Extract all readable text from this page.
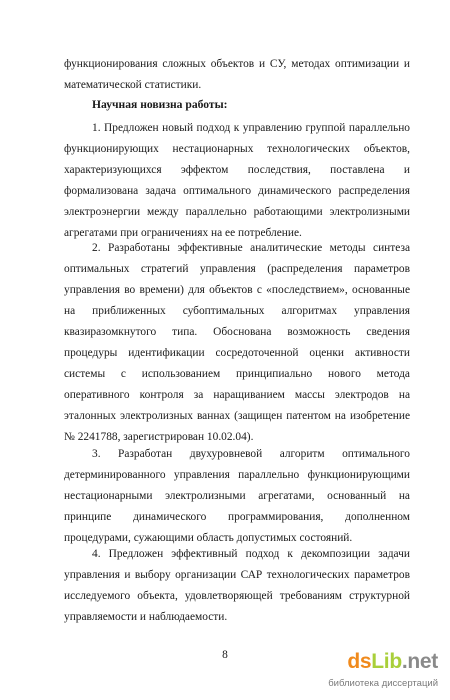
функционирования сложных объектов и СУ, методах оптимизации и математической статистики.

Научная новизна работы:

1. Предложен новый подход к управлению группой параллельно функционирующих нестационарных технологических объектов, характеризующихся эффектом последствия, поставлена и формализована задача оптимального динамического распределения электроэнергии между параллельно работающими электролизными агрегатами при ограничениях на ее потребление.

2. Разработаны эффективные аналитические методы синтеза оптимальных стратегий управления (распределения параметров управления во времени) для объектов с «последствием», основанные на приближенных субоптимальных алгоритмах управления квазиразомкнутого типа. Обоснована возможность сведения процедуры идентификации сосредоточенной оценки активности системы с использованием принципиально нового метода оперативного контроля за наращиванием массы электродов на эталонных электролизных ваннах (защищен патентом на изобретение № 2241788, зарегистрирован 10.02.04).

3. Разработан двухуровневой алгоритм оптимального детерминированного управления параллельно функционирующими нестационарными электролизными агрегатами, основанный на принципе динамического программирования, дополненном процедурами, сужающими область допустимых состояний.

4. Предложен эффективный подход к декомпозиции задачи управления и выбору организации САР технологических параметров исследуемого объекта, удовлетворяющей требованиям структурной управляемости и наблюдаемости.

8	dsLib.net
библиотека диссертаций
